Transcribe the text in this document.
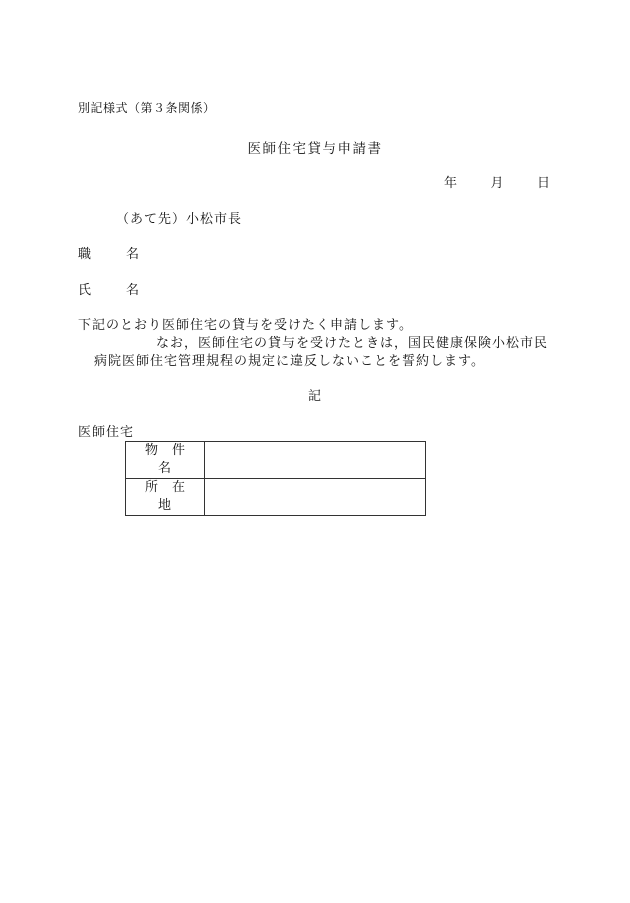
別記様式（第３条関係）
医師住宅貸与申請書
年	月	日
（あて先）小松市長
職	名
氏	名
下記のとおり医師住宅の貸与を受けたく申請します。
なお，医師住宅の貸与を受けたときは，国民健康保険小松市民
病院医師住宅管理規程の規定に違反しないことを誓約します。
記
医師住宅
物件
名	

所在
地	
